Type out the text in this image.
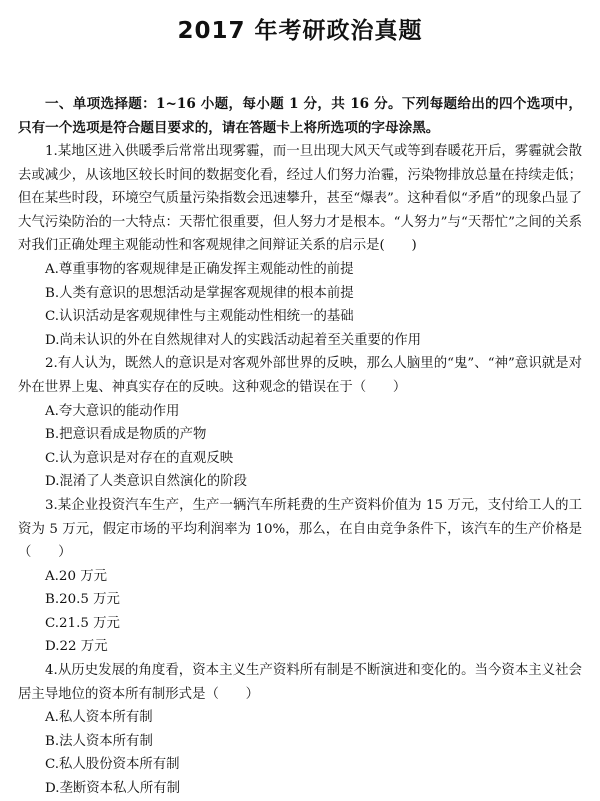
2017 年考研政治真题

一、单项选择题：1~16 小题，每小题 1 分，共 16 分。下列每题给出的四个选项中，只有一个选项是符合题目要求的，请在答题卡上将所选项的字母涂黑。

1.某地区进入供暖季后常常出现雾霾，而一旦出现大风天气或等到春暖花开后，雾霾就会散去或减少，从该地区较长时间的数据变化看，经过人们努力治霾，污染物排放总量在持续走低；但在某些时段，环境空气质量污染指数会迅速攀升，甚至“爆表”。这种看似“矛盾”的现象凸显了大气污染防治的一大特点：天帮忙很重要，但人努力才是根本。“人努力”与“天帮忙”之间的关系对我们正确处理主观能动性和客观规律之间辩证关系的启示是(　　)

A.尊重事物的客观规律是正确发挥主观能动性的前提

B.人类有意识的思想活动是掌握客观规律的根本前提

C.认识活动是客观规律性与主观能动性相统一的基础

D.尚未认识的外在自然规律对人的实践活动起着至关重要的作用

2.有人认为，既然人的意识是对客观外部世界的反映，那么人脑里的“鬼”、“神”意识就是对外在世界上鬼、神真实存在的反映。这种观念的错误在于（　　）

A.夸大意识的能动作用

B.把意识看成是物质的产物

C.认为意识是对存在的直观反映

D.混淆了人类意识自然演化的阶段

3.某企业投资汽车生产，生产一辆汽车所耗费的生产资料价值为 15 万元，支付给工人的工资为 5 万元，假定市场的平均利润率为 10%，那么，在自由竞争条件下，该汽车的生产价格是（　　）

A.20 万元

B.20.5 万元

C.21.5 万元

D.22 万元

4.从历史发展的角度看，资本主义生产资料所有制是不断演进和变化的。当今资本主义社会居主导地位的资本所有制形式是（　　）

A.私人资本所有制

B.法人资本所有制

C.私人股份资本所有制

D.垄断资本私人所有制
